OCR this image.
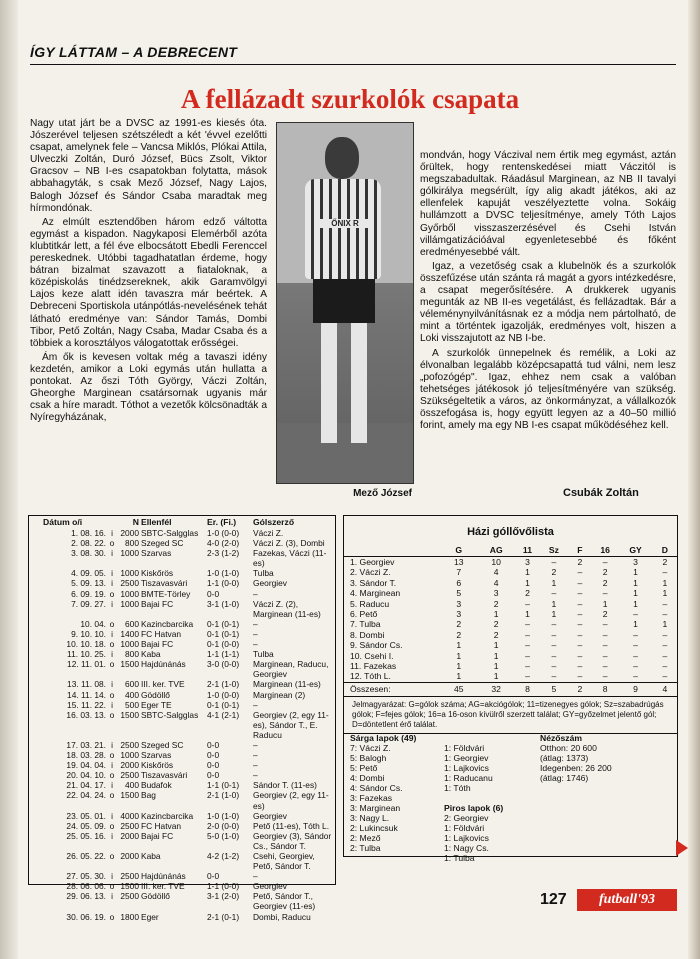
ÍGY LÁTTAM – A DEBRECENT
A fellázadt szurkolók csapata

Nagy utat járt be a DVSC az 1991-es kiesés óta. Jószerével teljesen szétszéledt a két 'évvel ezelőtti csapat, amelynek fele – Vancsa Miklós, Plókai Attila, Ulveczki Zoltán, Duró József, Bücs Zsolt, Viktor Gracsov – NB I-es csapatokban folytatta, mások abbahagyták, s csak Mező József, Nagy Lajos, Balogh József és Sándor Csaba maradtak meg hírmondónak.

Az elmúlt esztendőben három edző váltotta egymást a kispadon. Nagykaposi Elemérből azóta klubtitkár lett, a fél éve elbocsátott Ebedli Ferenccel pereskednek. Utóbbi tagadhatatlan érdeme, hogy bátran bizalmat szavazott a fiataloknak, a középiskolás tinédzsereknek, akik Garamvölgyi Lajos keze alatt idén tavaszra már beértek. A Debreceni Sportiskola utánpótlás-nevelésének tehát látható eredménye van: Sándor Tamás, Dombi Tibor, Pető Zoltán, Nagy Csaba, Madar Csaba és a többiek a korosztályos válogatottak erősségei.

Ám ők is kevesen voltak még a tavaszi idény kezdetén, amikor a Loki egymás után hullatta a pontokat. Az őszi Tóth György, Váczi Zoltán, Gheorghe Marginean csatársornak ugyanis már csak a híre maradt. Tóthot a vezetők kölcsönadták a Nyíregyházának,

ŐNIX R
Mező József

mondván, hogy Váczival nem értik meg egymást, aztán őrültek, hogy rentenskedései miatt Váczitól is megszabadultak. Ráadásul Marginean, az NB II tavalyi gólkirálya megsérült, így alig akadt játékos, aki az ellenfelek kapuját veszélyeztette volna. Sokáig hullámzott a DVSC teljesítménye, amely Tóth Lajos Győrből visszaszerzésével és Csehi István villámgatizációával egyenletesebbé és főként eredményesebbé vált.

Igaz, a vezetőség csak a klubelnök és a szurkolók összefűzése után szánta rá magát a gyors intézkedésre, a csapat megerősítésére. A drukkerek ugyanis megunták az NB II-es vegetálást, és fellázadtak. Bár a véleménynyilvánításnak ez a módja nem pártolható, de mint a történtek igazolják, eredményes volt, hiszen a Loki visszajutott az NB I-be.

A szurkolók ünnepelnek és remélik, a Loki az élvonalban legalább középcsapattá tud válni, nem lesz „pofozógép". Igaz, ehhez nem csak a valóban tehetséges játékosok jó teljesítményére van szükség. Szükségeltetik a város, az önkormányzat, a vállalkozók összefogása is, hogy együtt legyen az a 40–50 millió forint, amely ma egy NB I-es csapat működéséhez kell.

Csubák Zoltán
Dátum o/i		N	Ellenfél	Er. (Fi.)	Gólszerző
1. 08. 16.	i	2000	SBTC-Salgglas	1-0 (0-0)	Váczi Z.
2. 08. 22.	o	800	Szeged SC	4-0 (2-0)	Váczi Z. (3), Dombi
3. 08. 30.	i	1000	Szarvas	2-3 (1-2)	Fazekas, Váczi (11-es)
4. 09. 05.	i	1000	Kiskőrös	1-0 (1-0)	Tulba
5. 09. 13.	i	2500	Tiszavasvári	1-1 (0-0)	Georgiev
6. 09. 19.	o	1000	BMTE-Törley	0-0	–
7. 09. 27.	i	1000	Bajai FC	3-1 (1-0)	Váczi Z. (2), Marginean (11-es)
10. 04.	o	600	Kazincbarcika	0-1 (0-1)	–
9. 10. 10.	i	1400	FC Hatvan	0-1 (0-1)	–
10. 10. 18.	o	1000	Bajai FC	0-1 (0-0)	–
11. 10. 25.	i	800	Kaba	1-1 (1-1)	Tulba
12. 11. 01.	o	1500	Hajdúnánás	3-0 (0-0)	Marginean, Raducu, Georgiev
13. 11. 08.	i	600	III. ker. TVE	2-1 (1-0)	Marginean (11-es)
14. 11. 14.	o	400	Gödöllő	1-0 (0-0)	Marginean (2)
15. 11. 22.	i	500	Eger TE	0-1 (0-1)	–
16. 03. 13.	o	1500	SBTC-Salgglas	4-1 (2-1)	Georgiev (2, egy 11-es), Sándor T., E. Raducu
17. 03. 21.	i	2500	Szeged SC	0-0	–
18. 03. 28.	o	1000	Szarvas	0-0	–
19. 04. 04.	i	2000	Kiskőrös	0-0	–
20. 04. 10.	o	2500	Tiszavasvári	0-0	–
21. 04. 17.	i	400	Budafok	1-1 (0-1)	Sándor T. (11-es)
22. 04. 24.	o	1500	Bag	2-1 (1-0)	Georgiev (2, egy 11-es)
23. 05. 01.	i	4000	Kazincbarcika	1-0 (1-0)	Georgiev
24. 05. 09.	o	2500	FC Hatvan	2-0 (0-0)	Pető (11-es), Tóth L.
25. 05. 16.	i	2000	Bajai FC	5-0 (1-0)	Georgiev (3), Sándor Cs., Sándor T.
26. 05. 22.	o	2000	Kaba	4-2 (1-2)	Csehi, Georgiev, Pető, Sándor T.
27. 05. 30.	i	2500	Hajdúnánás	0-0	–
28. 06. 06.	o	1500	III. ker. TVE	1-1 (0-0)	Georgiev
29. 06. 13.	i	2500	Gödöllő	3-1 (2-0)	Pető, Sándor T., Georgiev (11-es)
30. 06. 19.	o	1800	Eger	2-1 (0-1)	Dombi, Raducu
Házi góllővőlista
	G	AG	11	Sz	F	16	GY	D
1. Georgiev	13	10	3	–	2	–	3	2
2. Váczi Z.	7	4	1	2	–	2	1	–
3. Sándor T.	6	4	1	1	–	2	1	1
4. Marginean	5	3	2	–	–	–	1	1
5. Raducu	3	2	–	1	–	1	1	–
6. Pető	3	1	1	1	–	2	–	–
7. Tulba	2	2	–	–	–	–	1	1
8. Dombi	2	2	–	–	–	–	–	–
9. Sándor Cs.	1	1	–	–	–	–	–	–
10. Csehi I.	1	1	–	–	–	–	–	–
11. Fazekas	1	1	–	–	–	–	–	–
12. Tóth L.	1	1	–	–	–	–	–	–
Összesen:	45	32	8	5	2	8	9	4
Jelmagyarázat: G=gólok száma; AG=akciógólok; 11=tizenegyes gólok; Sz=szabadrúgás gólok; F=fejes gólok; 16=a 16-oson kívülről szerzett találat; GY=győzelmet jelentő gól; D=döntetlent érő találat.
Sárga lapok (49)
7: Váczi Z.
5: Balogh
5: Pető
4: Dombi
4: Sándor Cs.
3: Fazekas
3: Marginean
3: Nagy L.
2: Lukincsuk
2: Mező
2: Tulba
1: Földvári
1: Georgiev
1: Lajkovics
1: Raducanu
1: Tóth
Piros lapok (6)
2: Georgiev
1: Földvári
1: Lajkovics
1: Nagy Cs.
1: Tulba
Nézőszám
Otthon: 20 600
(átlag: 1373)
Idegenben: 26 200
(átlag: 1746)
127	futball'93
